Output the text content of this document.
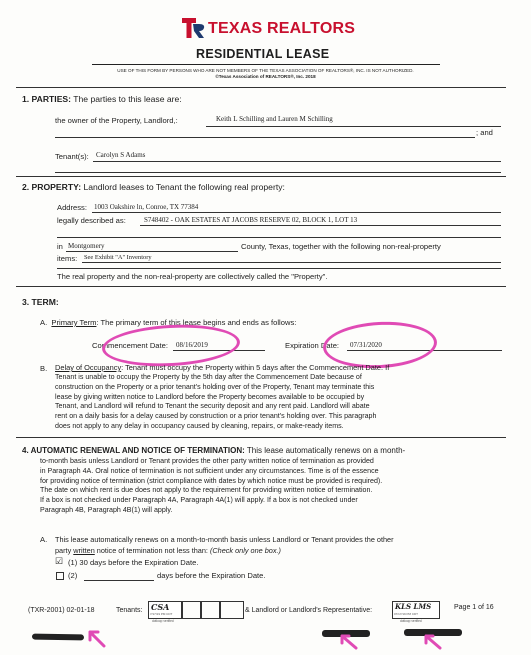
TEXAS REALTORS
RESIDENTIAL LEASE
USE OF THIS FORM BY PERSONS WHO ARE NOT MEMBERS OF THE TEXAS ASSOCIATION OF REALTORS®, INC. IS NOT AUTHORIZED.
©Texas Association of REALTORS®, Inc. 2018
1. PARTIES: The parties to this lease are:
the owner of the Property, Landlord,:	Keith L Schilling and Lauren M Schilling
; and
Tenant(s): Carolyn S Adams
2. PROPERTY: Landlord leases to Tenant the following real property:
Address: 1003 Oakshire ln, Conroe, TX 77384
legally described as:	S748402 - OAK ESTATES AT JACOBS RESERVE 02, BLOCK 1, LOT 13
in Montgomery	County, Texas, together with the following non-real-property
items: See Exhibit "A" Inventory
The real property and the non-real-property are collectively called the "Property".
3. TERM:
A. Primary Term: The primary term of this lease begins and ends as follows:
Commencement Date: 08/16/2019	Expiration Date: 07/31/2020
B. Delay of Occupancy: Tenant must occupy the Property within 5 days after the Commencement Date. If
Tenant is unable to occupy the Property by the 5th day after the Commencement Date because of
construction on the Property or a prior tenant's holding over of the Property, Tenant may terminate this
lease by giving written notice to Landlord before the Property becomes available to be occupied by
Tenant, and Landlord will refund to Tenant the security deposit and any rent paid. Landlord will abate
rent on a daily basis for a delay caused by construction or a prior tenant's holding over. This paragraph
does not apply to any delay in occupancy caused by cleaning, repairs, or make-ready items.
4. AUTOMATIC RENEWAL AND NOTICE OF TERMINATION: This lease automatically renews on a month-
to-month basis unless Landlord or Tenant provides the other party written notice of termination as provided
in Paragraph 4A. Oral notice of termination is not sufficient under any circumstances. Time is of the essence
for providing notice of termination (strict compliance with dates by which notice must be provided is required).
The date on which rent is due does not apply to the requirement for providing written notice of termination.
If a box is not checked under Paragraph 4A, Paragraph 4A(1) will apply. If a box is not checked under
Paragraph 4B, Paragraph 4B(1) will apply.
A. This lease automatically renews on a month-to-month basis unless Landlord or Tenant provides the other
party written notice of termination not less than: (Check only one box.)
☑ (1) 30 days before the Expiration Date.
(2)	days before the Expiration Date.
(TXR-2001) 02-01-18	Tenants: CSA
7/17/19 PM CDT
dotloop verified
& Landlord or Landlord's Representative:	KLS LMS
07/17/19 PM CDT
dotloop verified
Page 1 of 16
